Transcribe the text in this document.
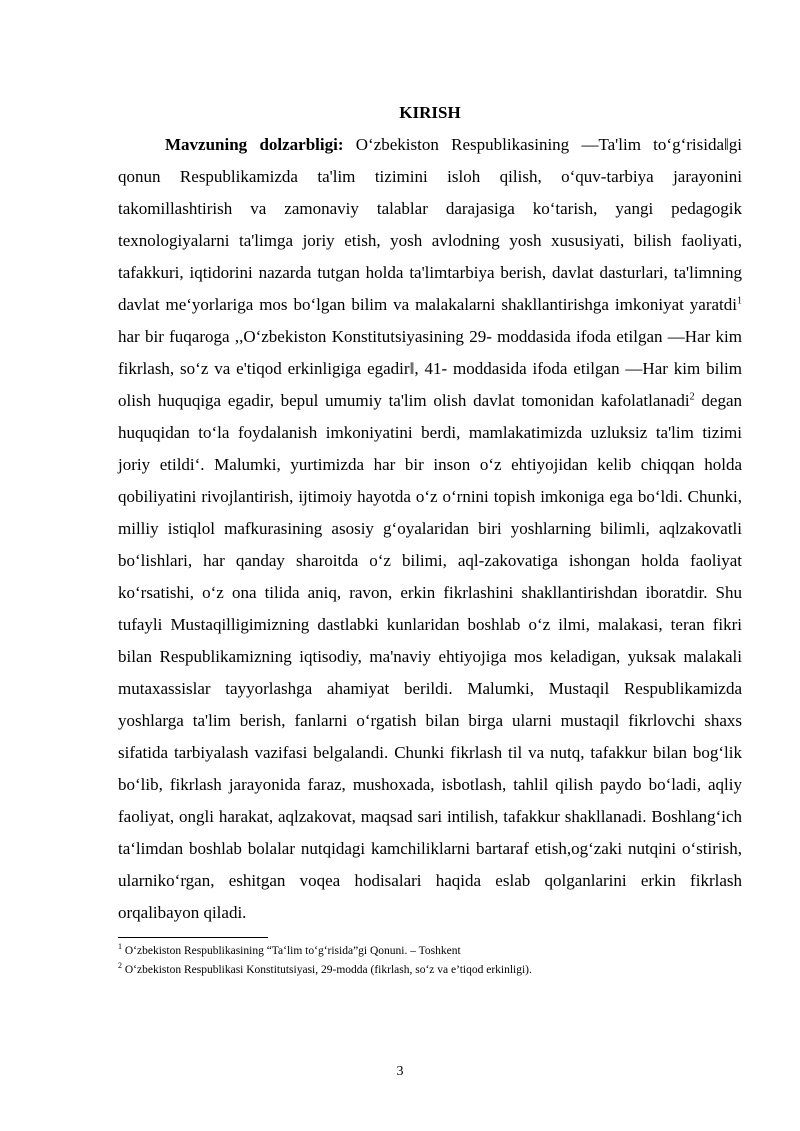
KIRISH

Mavzuning dolzarbligi: O‘zbekiston Respublikasining —Ta'lim to‘g‘risida‖gi qonun Respublikamizda ta'lim tizimini isloh qilish, o‘quv-tarbiya jarayonini takomillashtirish va zamonaviy talablar darajasiga ko‘tarish, yangi pedagogik texnologiyalarni ta'limga joriy etish, yosh avlodning yosh xususiyati, bilish faoliyati, tafakkuri, iqtidorini nazarda tutgan holda ta'limtarbiya berish, davlat dasturlari, ta'limning davlat me‘yorlariga mos bo‘lgan bilim va malakalarni shakllantirishga imkoniyat yaratdi$^1$ har bir fuqaroga ,,O‘zbekiston Konstitutsiyasining 29- moddasida ifoda etilgan —Har kim fikrlash, so‘z va e'tiqod erkinligiga egadir‖, 41- moddasida ifoda etilgan —Har kim bilim olish huquqiga egadir, bepul umumiy ta'lim olish davlat tomonidan kafolatlanadi$^2$ degan huquqidan to‘la foydalanish imkoniyatini berdi, mamlakatimizda uzluksiz ta'lim tizimi joriy etildi‘. Malumki, yurtimizda har bir inson o‘z ehtiyojidan kelib chiqqan holda qobiliyatini rivojlantirish, ijtimoiy hayotda o‘z o‘rnini topish imkoniga ega bo‘ldi. Chunki, milliy istiqlol mafkurasining asosiy g‘oyalaridan biri yoshlarning bilimli, aqlzakovatli bo‘lishlari, har qanday sharoitda o‘z bilimi, aql-zakovatiga ishongan holda faoliyat ko‘rsatishi, o‘z ona tilida aniq, ravon, erkin fikrlashini shakllantirishdan iboratdir. Shu tufayli Mustaqilligimizning dastlabki kunlaridan boshlab o‘z ilmi, malakasi, teran fikri bilan Respublikamizning iqtisodiy, ma'naviy ehtiyojiga mos keladigan, yuksak malakali mutaxassislar tayyorlashga ahamiyat berildi. Malumki, Mustaqil Respublikamizda yoshlarga ta'lim berish, fanlarni o‘rgatish bilan birga ularni mustaqil fikrlovchi shaxs sifatida tarbiyalash vazifasi belgalandi. Chunki fikrlash til va nutq, tafakkur bilan bog‘lik bo‘lib, fikrlash jarayonida faraz, mushoxada, isbotlash, tahlil qilish paydo bo‘ladi, aqliy faoliyat, ongli harakat, aqlzakovat, maqsad sari intilish, tafakkur shakllanadi. Boshlang‘ich ta‘limdan boshlab bolalar nutqidagi kamchiliklarni bartaraf etish,og‘zaki nutqini o‘stirish, ularniko‘rgan, eshitgan voqea hodisalari haqida eslab qolganlarini erkin fikrlash orqalibayon qiladi.

$^1$ O‘zbekiston Respublikasining “Ta‘lim to‘g‘risida”gi Qonuni. – Toshkent

$^2$ O‘zbekiston Respublikasi Konstitutsiyasi, 29-modda (fikrlash, so‘z va e’tiqod erkinligi).

3
